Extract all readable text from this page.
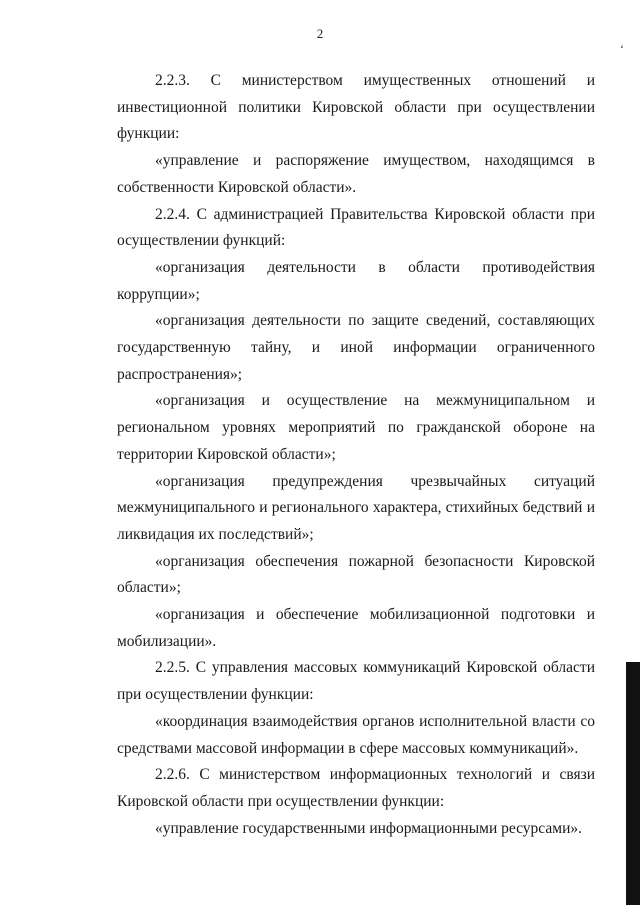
2
ʻ

2.2.3. С министерством имущественных отношений и инвестиционной политики Кировской области при осуществлении функции:

«управление и распоряжение имуществом, находящимся в собственности Кировской области».

2.2.4. С администрацией Правительства Кировской области при осуществлении функций:

«организация деятельности в области противодействия коррупции»;

«организация деятельности по защите сведений, составляющих государственную тайну, и иной информации ограниченного распространения»;

«организация и осуществление на межмуниципальном и региональном уровнях мероприятий по гражданской обороне на территории Кировской области»;

«организация предупреждения чрезвычайных ситуаций межмуниципального и регионального характера, стихийных бедствий и ликвидация их последствий»;

«организация обеспечения пожарной безопасности Кировской области»;

«организация и обеспечение мобилизационной подготовки и мобилизации».

2.2.5. С управления массовых коммуникаций Кировской области при осуществлении функции:

«координация взаимодействия органов исполнительной власти со средствами массовой информации в сфере массовых коммуникаций».

2.2.6. С министерством информационных технологий и связи Кировской области при осуществлении функции:

«управление государственными информационными ресурсами».
